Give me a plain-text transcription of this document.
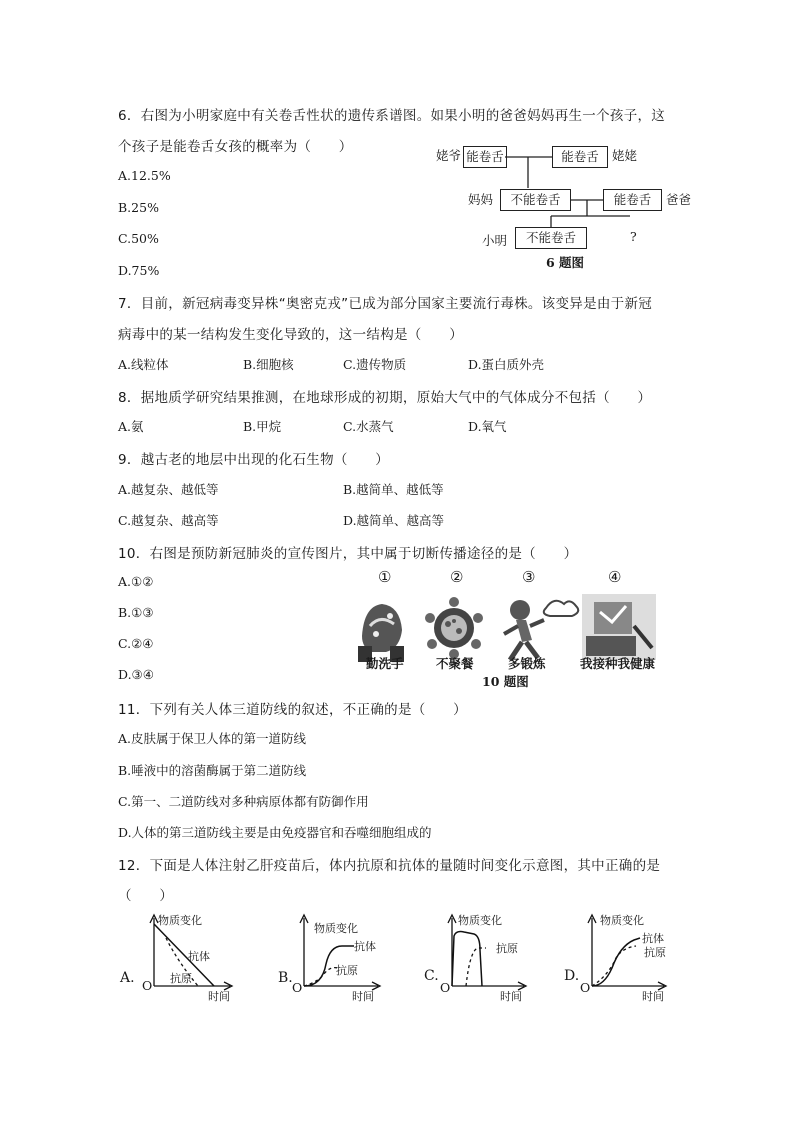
6．右图为小明家庭中有关卷舌性状的遗传系谱图。如果小明的爸爸妈妈再生一个孩子，这
个孩子是能卷舌女孩的概率为（　　）
A.12.5%
B.25%
C.50%
D.75%
姥爷 能卷舌	能卷舌	姥姥
妈妈	不能卷舌	能卷舌	爸爸
小明	不能卷舌	?
6 题图
7．目前，新冠病毒变异株“奥密克戎”已成为部分国家主要流行毒株。该变异是由于新冠
病毒中的某一结构发生变化导致的，这一结构是（　　）
A.线粒体	B.细胞核	C.遗传物质	D.蛋白质外壳
8．据地质学研究结果推测，在地球形成的初期，原始大气中的气体成分不包括（　　）
A.氨	B.甲烷	C.水蒸气	D.氧气
9．越古老的地层中出现的化石生物（　　）
A.越复杂、越低等	B.越简单、越低等
C.越复杂、越高等	D.越简单、越高等
10．右图是预防新冠肺炎的宣传图片，其中属于切断传播途径的是（　　）
A.①②
B.①③
C.②④
D.③④
①	②	③	④
勤洗手	不聚餐	多锻炼	我接种我健康
10 题图
11．下列有关人体三道防线的叙述，不正确的是（　　）
A.皮肤属于保卫人体的第一道防线
B.唾液中的溶菌酶属于第二道防线
C.第一、二道防线对多种病原体都有防御作用
D.人体的第三道防线主要是由免疫器官和吞噬细胞组成的
12．下面是人体注射乙肝疫苗后，体内抗原和抗体的量随时间变化示意图，其中正确的是
（　　）
A. O
物质变化
抗体
抗原
时间
B.
O
物质变化
抗体
抗原
时间
C.
O
物质变化
抗原
时间
D.
O
物质变化
抗体
抗原
时间
